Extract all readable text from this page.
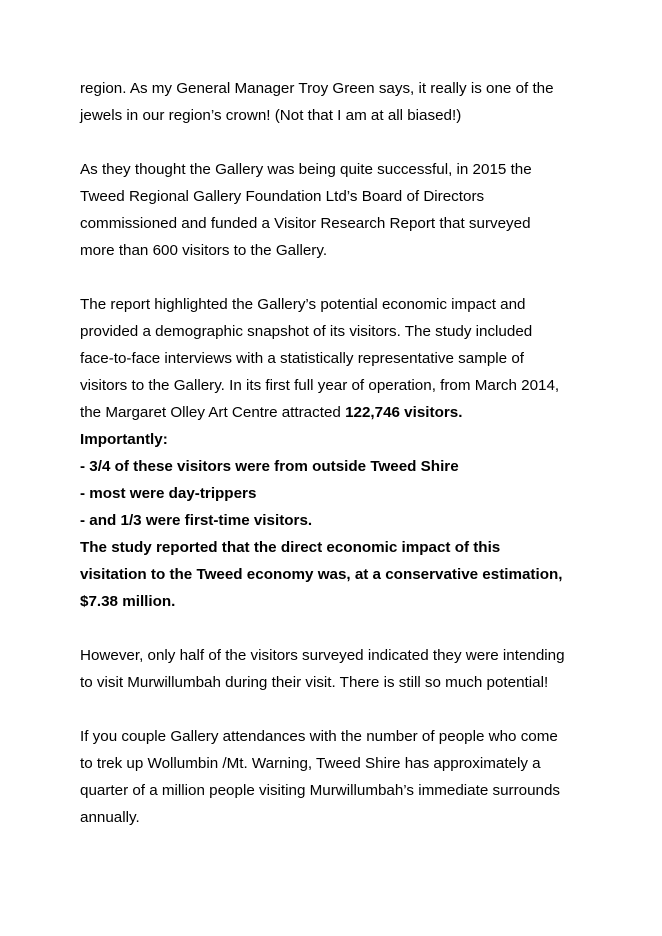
region. As my General Manager Troy Green says, it really is one of the
jewels in our region’s crown! (Not that I am at all biased!)

As they thought the Gallery was being quite successful, in 2015 the
Tweed Regional Gallery Foundation Ltd’s Board of Directors
commissioned and funded a Visitor Research Report that surveyed
more than 600 visitors to the Gallery.

The report highlighted the Gallery’s potential economic impact and
provided a demographic snapshot of its visitors. The study included
face-to-face interviews with a statistically representative sample of
visitors to the Gallery. In its first full year of operation, from March 2014,
the Margaret Olley Art Centre attracted 122,746 visitors.
Importantly:
- 3/4 of these visitors were from outside Tweed Shire
- most were day-trippers
- and 1/3 were first-time visitors.
The study reported that the direct economic impact of this
visitation to the Tweed economy was, at a conservative estimation,
$7.38 million.

However, only half of the visitors surveyed indicated they were intending
to visit Murwillumbah during their visit. There is still so much potential!

If you couple Gallery attendances with the number of people who come
to trek up Wollumbin /Mt. Warning, Tweed Shire has approximately a
quarter of a million people visiting Murwillumbah’s immediate surrounds
annually.
